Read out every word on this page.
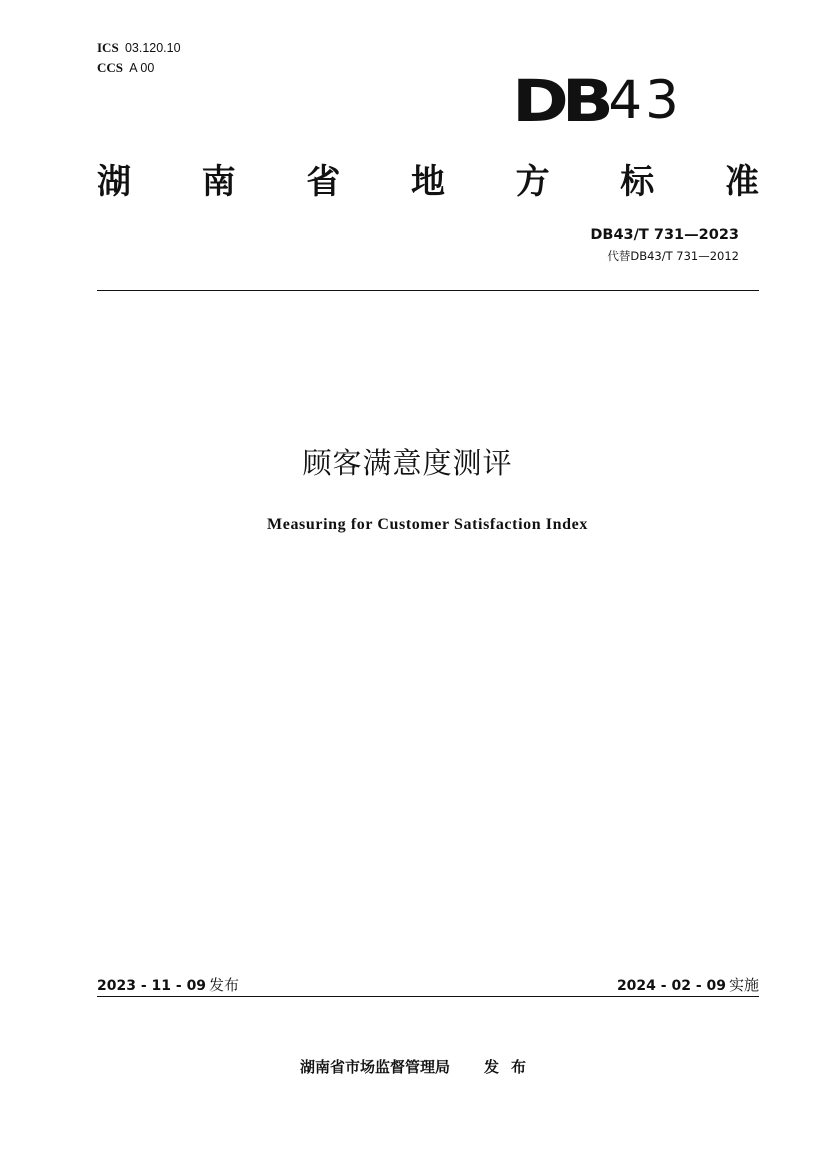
ICS 03.120.10
CCS A 00	DB 43
湖 南 省 地 方 标 准
DB43/T 731—2023
代替DB43/T 731—2012
顾客满意度测评
Measuring for Customer Satisfaction Index
2023 - 11 - 09 发布	2024 - 02 - 09 实施
湖南省市场监督管理局 发布
